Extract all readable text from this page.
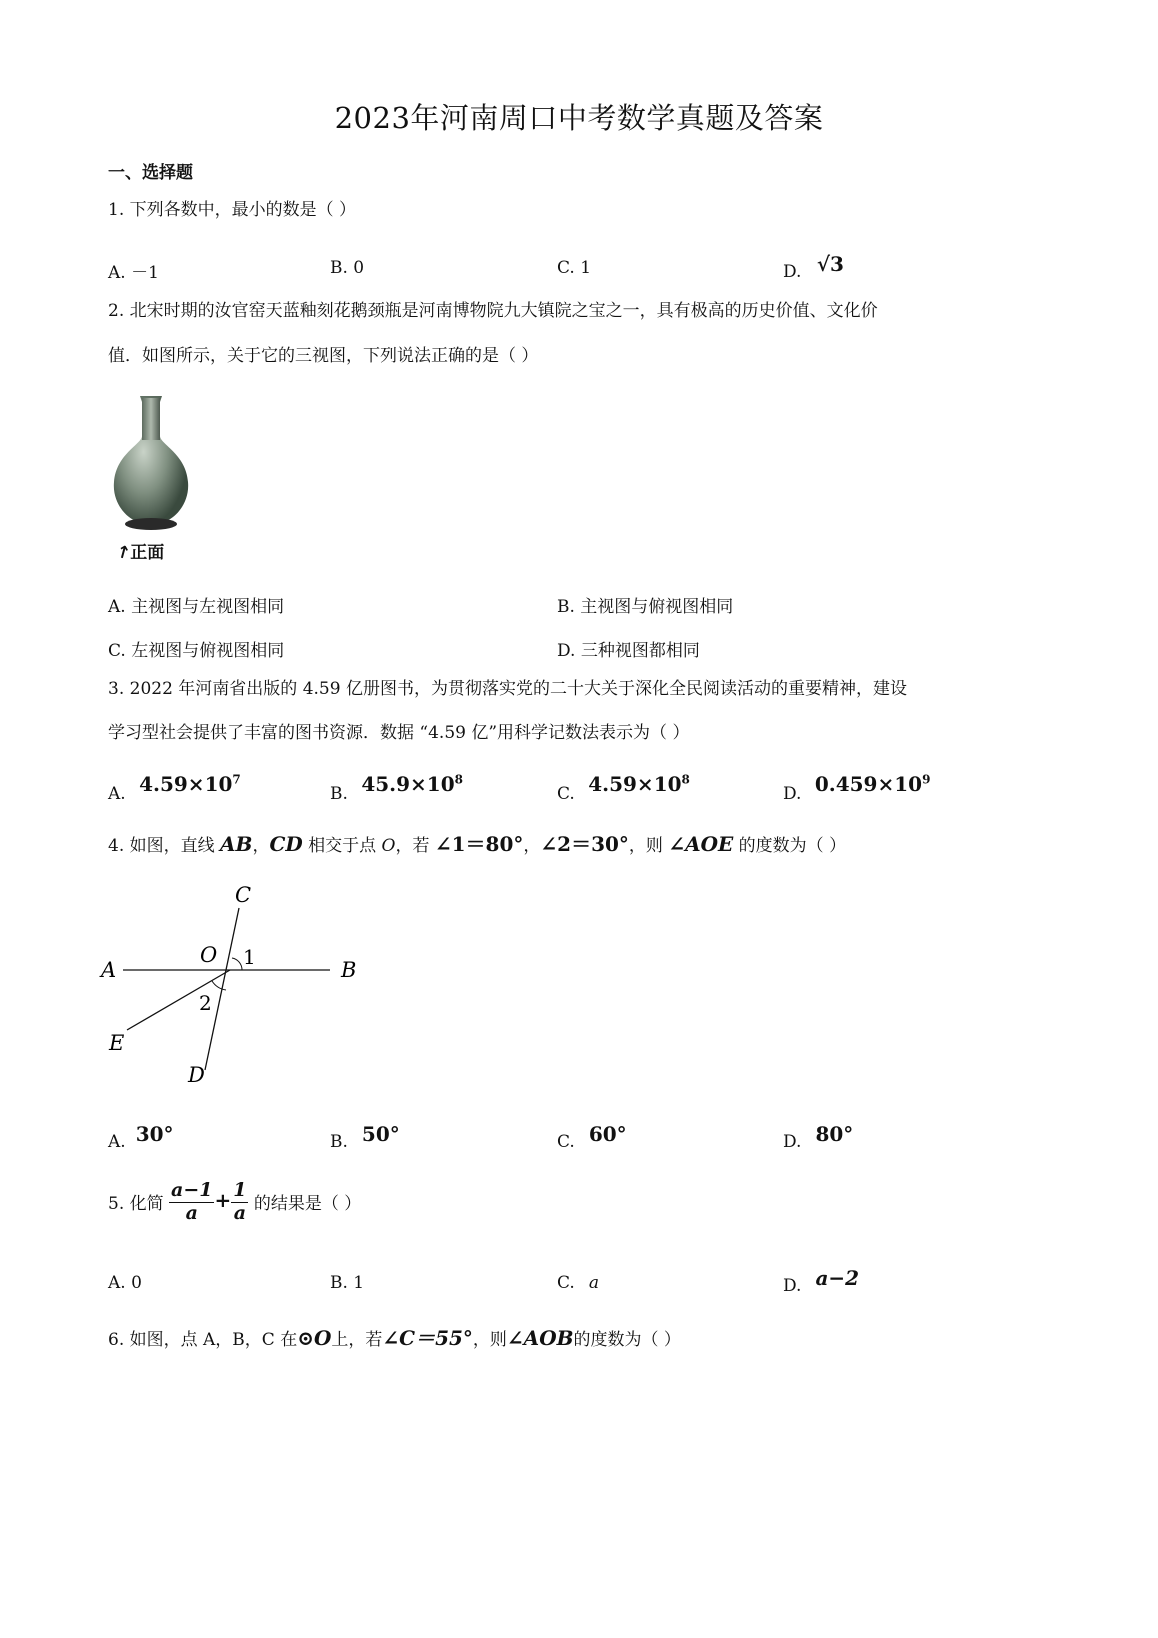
2023年河南周口中考数学真题及答案
一、选择题
1. 下列各数中，最小的数是（ ）
A. －1	B. 0	C. 1	D. √3
2. 北宋时期的汝官窑天蓝釉刻花鹅颈瓶是河南博物院九大镇院之宝之一，具有极高的历史价值、文化价
值．如图所示，关于它的三视图，下列说法正确的是（ ）
↑正面
A. 主视图与左视图相同	B. 主视图与俯视图相同
C. 左视图与俯视图相同	D. 三种视图都相同
3. 2022 年河南省出版的 4.59 亿册图书，为贯彻落实党的二十大关于深化全民阅读活动的重要精神，建设
学习型社会提供了丰富的图书资源．数据 “4.59 亿”用科学记数法表示为（ ）
A. $4.59\times 10^7$
B. $45.9\times 10^8$
C. $4.59\times 10^8$
D. $0.459\times 10^9$
4. 如图，直线 AB，CD 相交于点 O，若 ∠1＝80°，∠2＝30°，则 ∠AOE 的度数为（ ）
A	B
C
D
E
O 1
2
A. 30°	B. 50°	C. 60°	D. 80°
5. 化简 $\frac{a-1}{a} + \frac{1}{a}$ 的结果是（ ）
A. 0	B. 1	C. a	D. a−2
6. 如图，点 A，B，C 在⊙O上，若∠C＝55°，则∠AOB的度数为（ ）
